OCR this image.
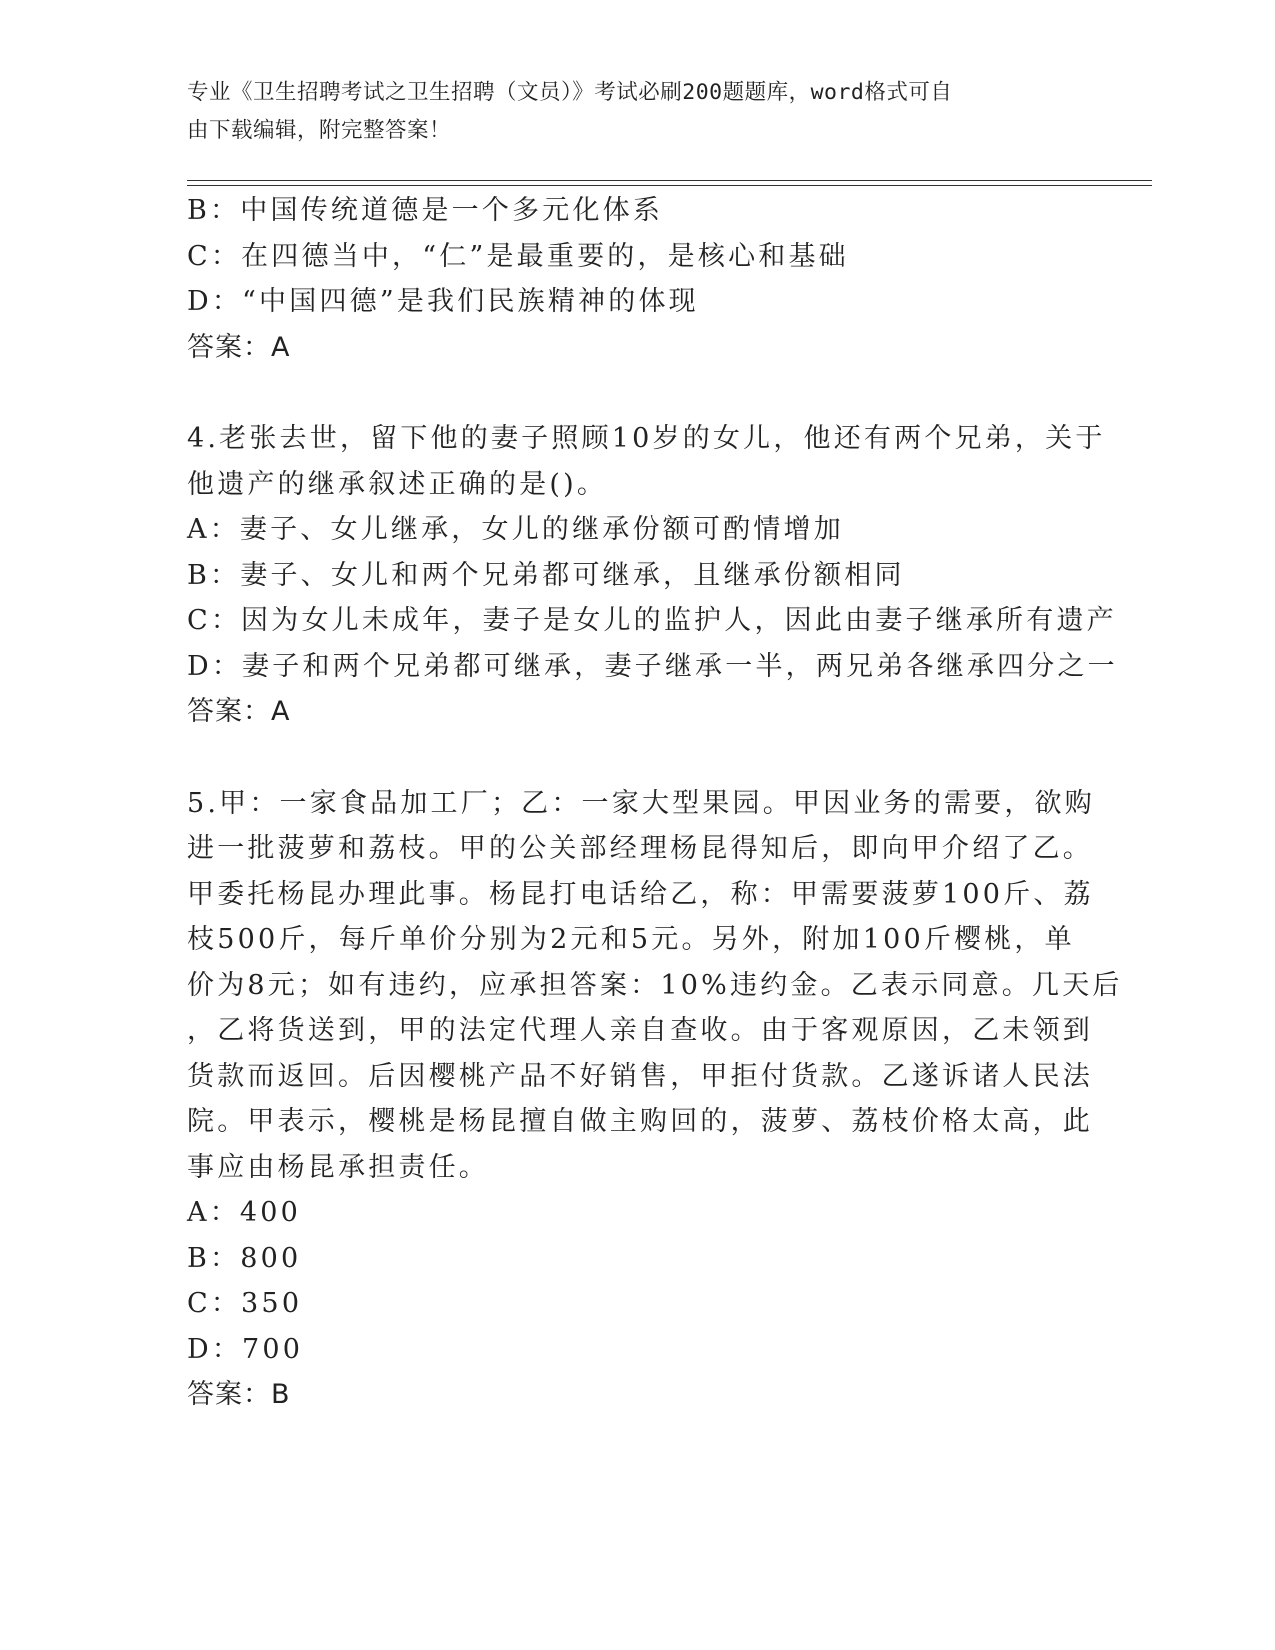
专业《卫生招聘考试之卫生招聘（文员）》考试必刷200题题库，word格式可自
由下载编辑，附完整答案！
B：中国传统道德是一个多元化体系
C：在四德当中，“仁”是最重要的，是核心和基础
D：“中国四德”是我们民族精神的体现
答案：A
4.老张去世，留下他的妻子照顾10岁的女儿，他还有两个兄弟，关于
他遗产的继承叙述正确的是()。
A：妻子、女儿继承，女儿的继承份额可酌情增加
B：妻子、女儿和两个兄弟都可继承，且继承份额相同
C：因为女儿未成年，妻子是女儿的监护人，因此由妻子继承所有遗产
D：妻子和两个兄弟都可继承，妻子继承一半，两兄弟各继承四分之一
答案：A
5.甲：一家食品加工厂；乙：一家大型果园。甲因业务的需要，欲购
进一批菠萝和荔枝。甲的公关部经理杨昆得知后，即向甲介绍了乙。
甲委托杨昆办理此事。杨昆打电话给乙，称：甲需要菠萝100斤、荔
枝500斤，每斤单价分别为2元和5元。另外，附加100斤樱桃，单
价为8元；如有违约，应承担答案：10%违约金。乙表示同意。几天后
，乙将货送到，甲的法定代理人亲自查收。由于客观原因，乙未领到
货款而返回。后因樱桃产品不好销售，甲拒付货款。乙遂诉诸人民法
院。甲表示，樱桃是杨昆擅自做主购回的，菠萝、荔枝价格太高，此
事应由杨昆承担责任。
A：400
B：800
C：350
D：700
答案：B
